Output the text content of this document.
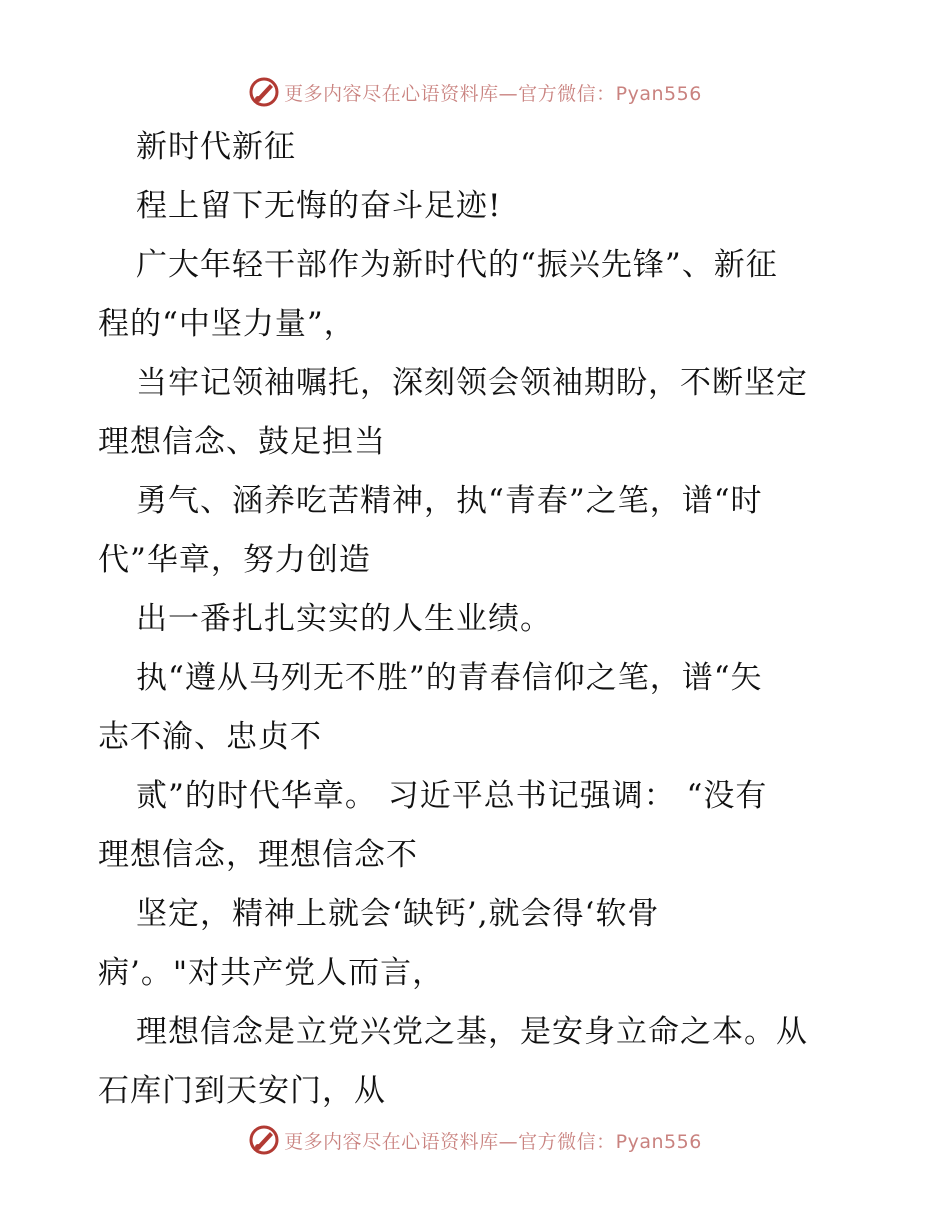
更多内容尽在心语资料库—官方微信：Pyan556
新时代新征
程上留下无悔的奋斗足迹!
广大年轻干部作为新时代的“振兴先锋”、新征
程的“中坚力量”，
当牢记领袖嘱托，深刻领会领袖期盼，不断坚定
理想信念、鼓足担当
勇气、涵养吃苦精神，执“青春”之笔，谱“时
代”华章，努力创造
出一番扎扎实实的人生业绩。
执“遵从马列无不胜”的青春信仰之笔，谱“矢
志不渝、忠贞不
贰”的时代华章。 习近平总书记强调： “没有
理想信念，理想信念不
坚定，精神上就会‘缺钙’,就会得‘软骨
病’。"对共产党人而言，
理想信念是立党兴党之基，是安身立命之本。从
石库门到天安门，从
更多内容尽在心语资料库—官方微信：Pyan556
